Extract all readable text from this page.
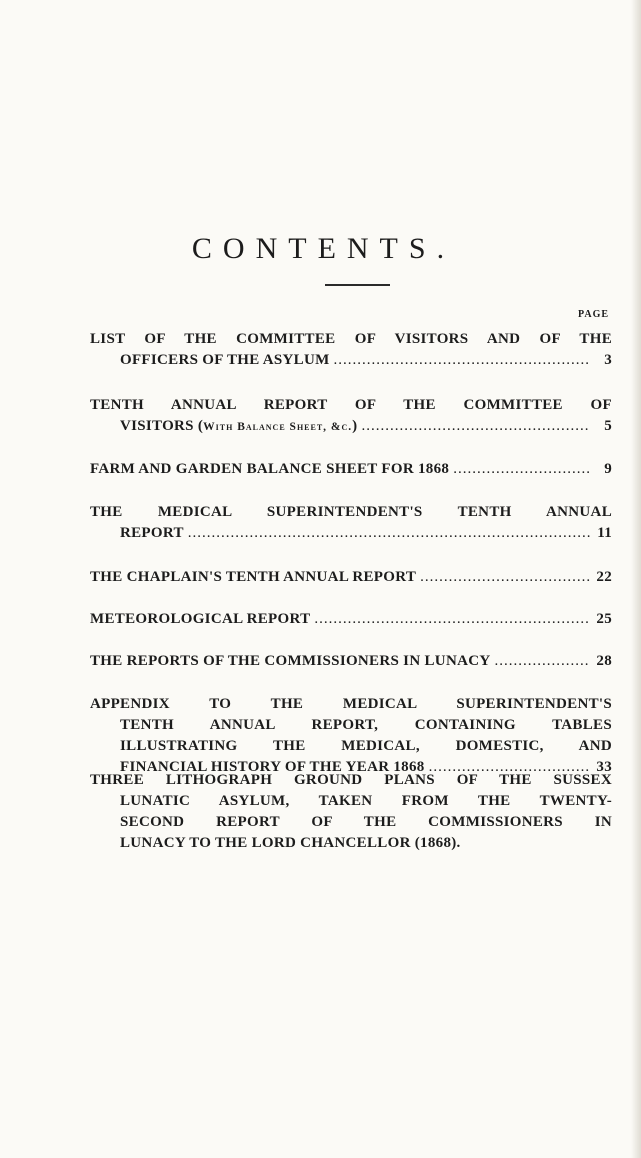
CONTENTS.
PAGE
LIST OF THE COMMITTEE OF VISITORS AND OF THE
OFFICERS OF THE ASYLUM .....	3
TENTH ANNUAL REPORT OF THE COMMITTEE OF
VISITORS (With Balance Sheet, &c.) .....	5
FARM AND GARDEN BALANCE SHEET FOR 1868 .....	9
THE MEDICAL SUPERINTENDENT'S TENTH ANNUAL
REPORT .....	11
THE CHAPLAIN'S TENTH ANNUAL REPORT .....	22
METEOROLOGICAL REPORT .....	25
THE REPORTS OF THE COMMISSIONERS IN LUNACY .....	28
APPENDIX TO THE MEDICAL SUPERINTENDENT'S
TENTH ANNUAL REPORT, CONTAINING TABLES
ILLUSTRATING THE MEDICAL, DOMESTIC, AND
FINANCIAL HISTORY OF THE YEAR 1868 .....	33
THREE LITHOGRAPH GROUND PLANS OF THE SUSSEX
LUNATIC ASYLUM, TAKEN FROM THE TWENTY-
SECOND REPORT OF THE COMMISSIONERS IN
LUNACY TO THE LORD CHANCELLOR (1868).
